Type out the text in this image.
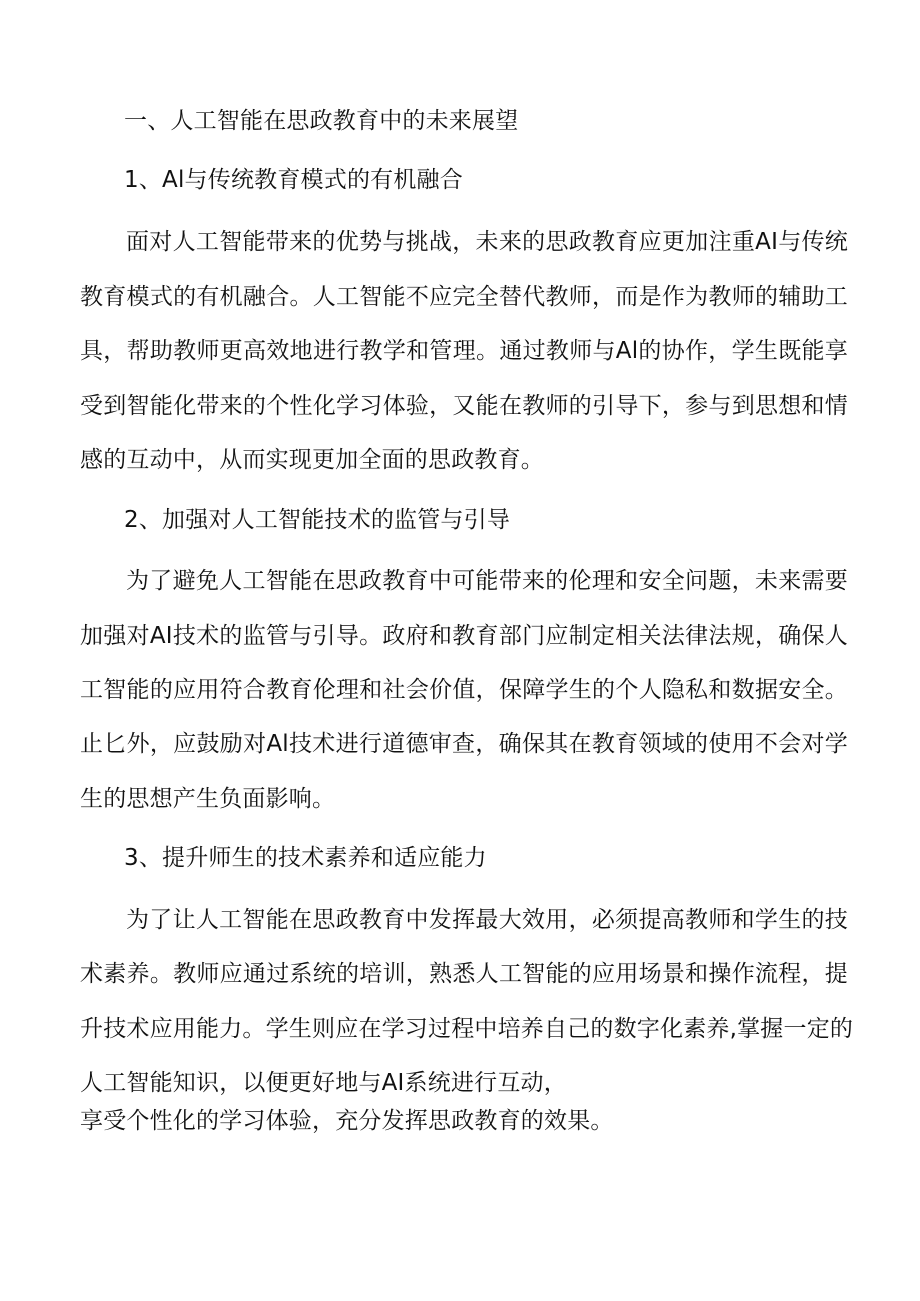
一、人工智能在思政教育中的未来展望
1、Al与传统教育模式的有机融合
面对人工智能带来的优势与挑战，未来的思政教育应更加注重AI与传统
教育模式的有机融合。人工智能不应完全替代教师，而是作为教师的辅助工
具，帮助教师更高效地进行教学和管理。通过教师与Al的协作，学生既能享
受到智能化带来的个性化学习体验，又能在教师的引导下，参与到思想和情
感的互动中，从而实现更加全面的思政教育。
2、加强对人工智能技术的监管与引导
为了避免人工智能在思政教育中可能带来的伦理和安全问题，未来需要
加强对AI技术的监管与引导。政府和教育部门应制定相关法律法规，确保人
工智能的应用符合教育伦理和社会价值，保障学生的个人隐私和数据安全。
止匕外，应鼓励对Al技术进行道德审查，确保其在教育领域的使用不会对学
生的思想产生负面影响。
3、提升师生的技术素养和适应能力
为了让人工智能在思政教育中发挥最大效用，必须提高教师和学生的技
术素养。教师应通过系统的培训，熟悉人工智能的应用场景和操作流程，提
升技术应用能力。学生则应在学习过程中培养自己的数字化素养,掌握一定的
人工智能知识，以便更好地与AI系统进行互动，
享受个性化的学习体验，充分发挥思政教育的效果。
